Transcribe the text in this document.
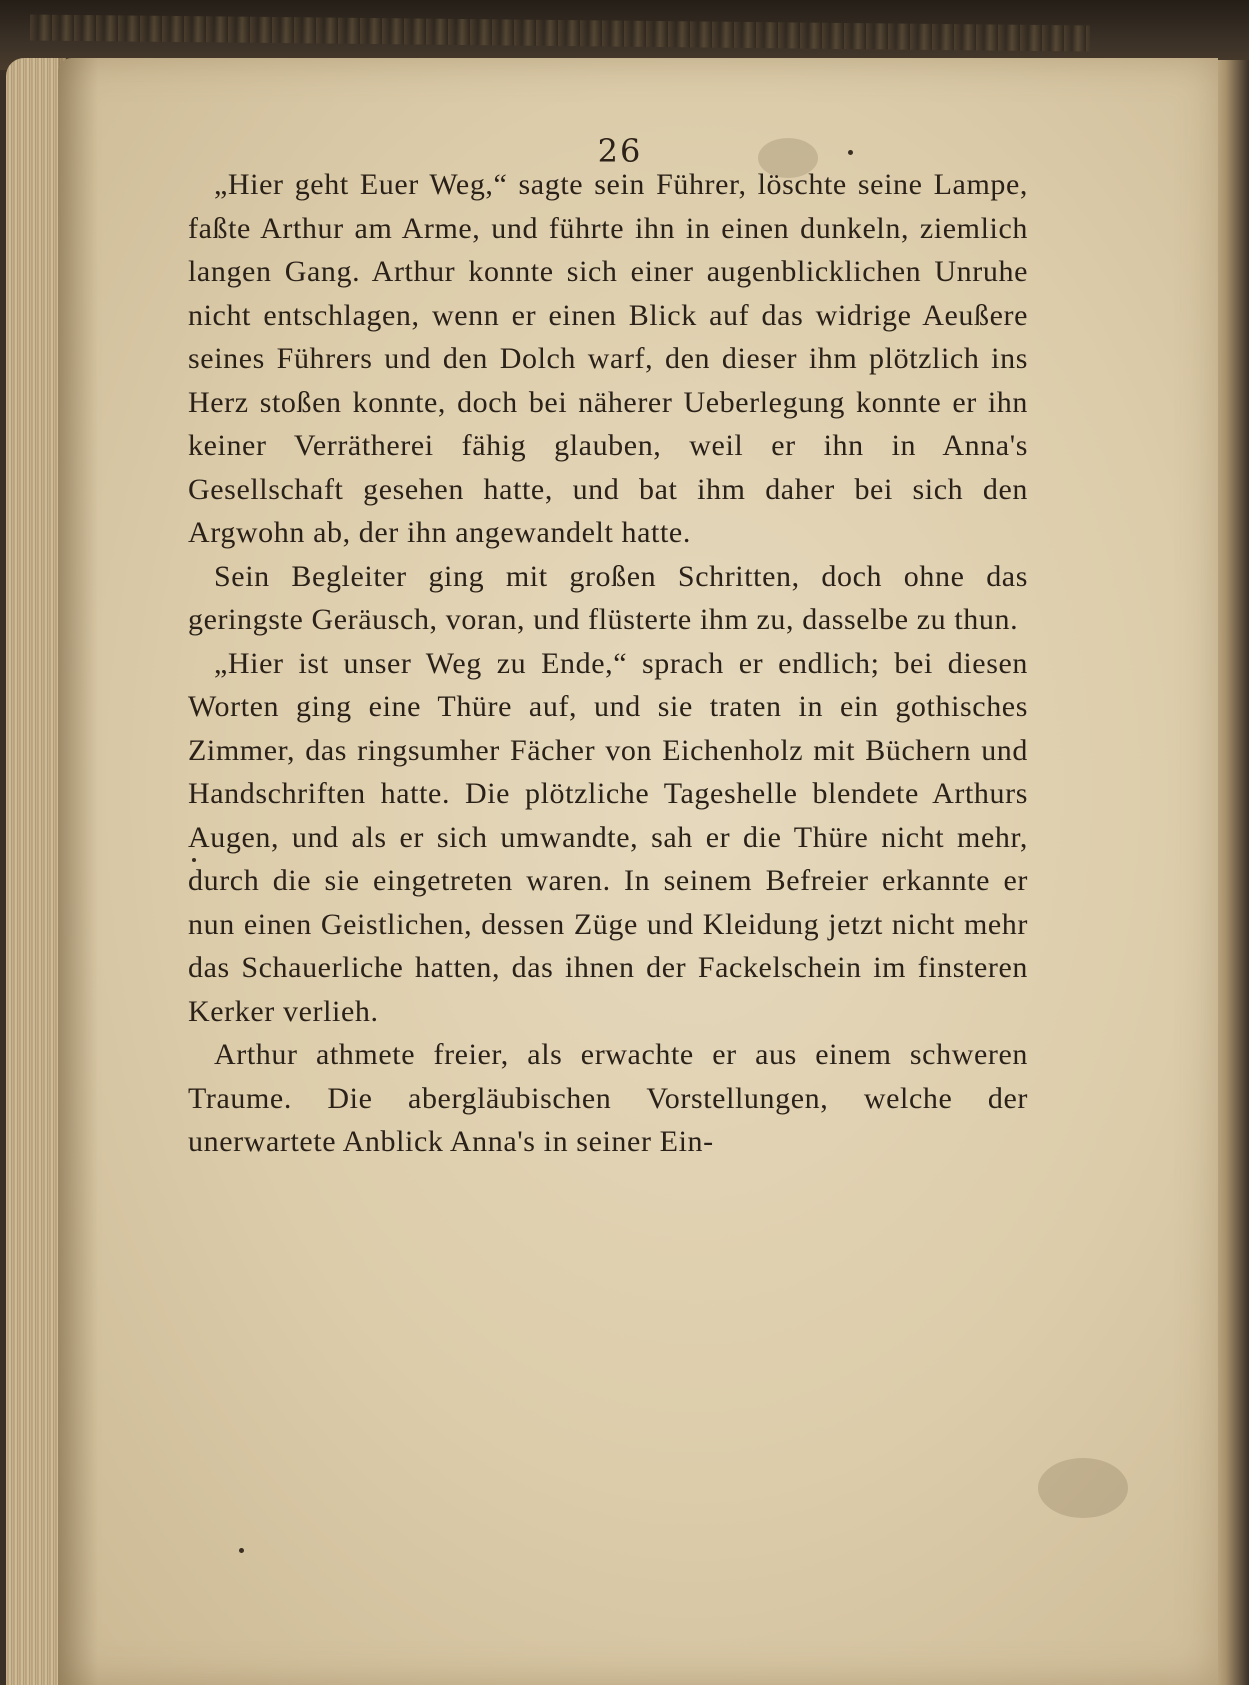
26

„Hier geht Euer Weg,“ sagte sein Führer, löschte seine Lampe, faßte Arthur am Arme, und führte ihn in einen dunkeln, ziemlich langen Gang. Arthur konnte sich einer augenblicklichen Unruhe nicht entschlagen, wenn er einen Blick auf das widrige Aeußere seines Führers und den Dolch warf, den dieser ihm plötzlich ins Herz stoßen konnte, doch bei näherer Ueberlegung konnte er ihn keiner Verrätherei fähig glauben, weil er ihn in Anna's Gesellschaft gesehen hatte, und bat ihm daher bei sich den Argwohn ab, der ihn angewandelt hatte.

Sein Begleiter ging mit großen Schritten, doch ohne das geringste Geräusch, voran, und flüsterte ihm zu, dasselbe zu thun.

„Hier ist unser Weg zu Ende,“ sprach er endlich; bei diesen Worten ging eine Thüre auf, und sie traten in ein gothisches Zimmer, das ringsumher Fächer von Eichenholz mit Büchern und Handschriften hatte. Die plötzliche Tageshelle blendete Arthurs Augen, und als er sich umwandte, sah er die Thüre nicht mehr, durch die sie eingetreten waren. In seinem Befreier erkannte er nun einen Geistlichen, dessen Züge und Kleidung jetzt nicht mehr das Schauerliche hatten, das ihnen der Fackelschein im finsteren Kerker verlieh.

Arthur athmete freier, als erwachte er aus einem schweren Traume. Die abergläubischen Vorstellungen, welche der unerwartete Anblick Anna's in seiner Ein-
